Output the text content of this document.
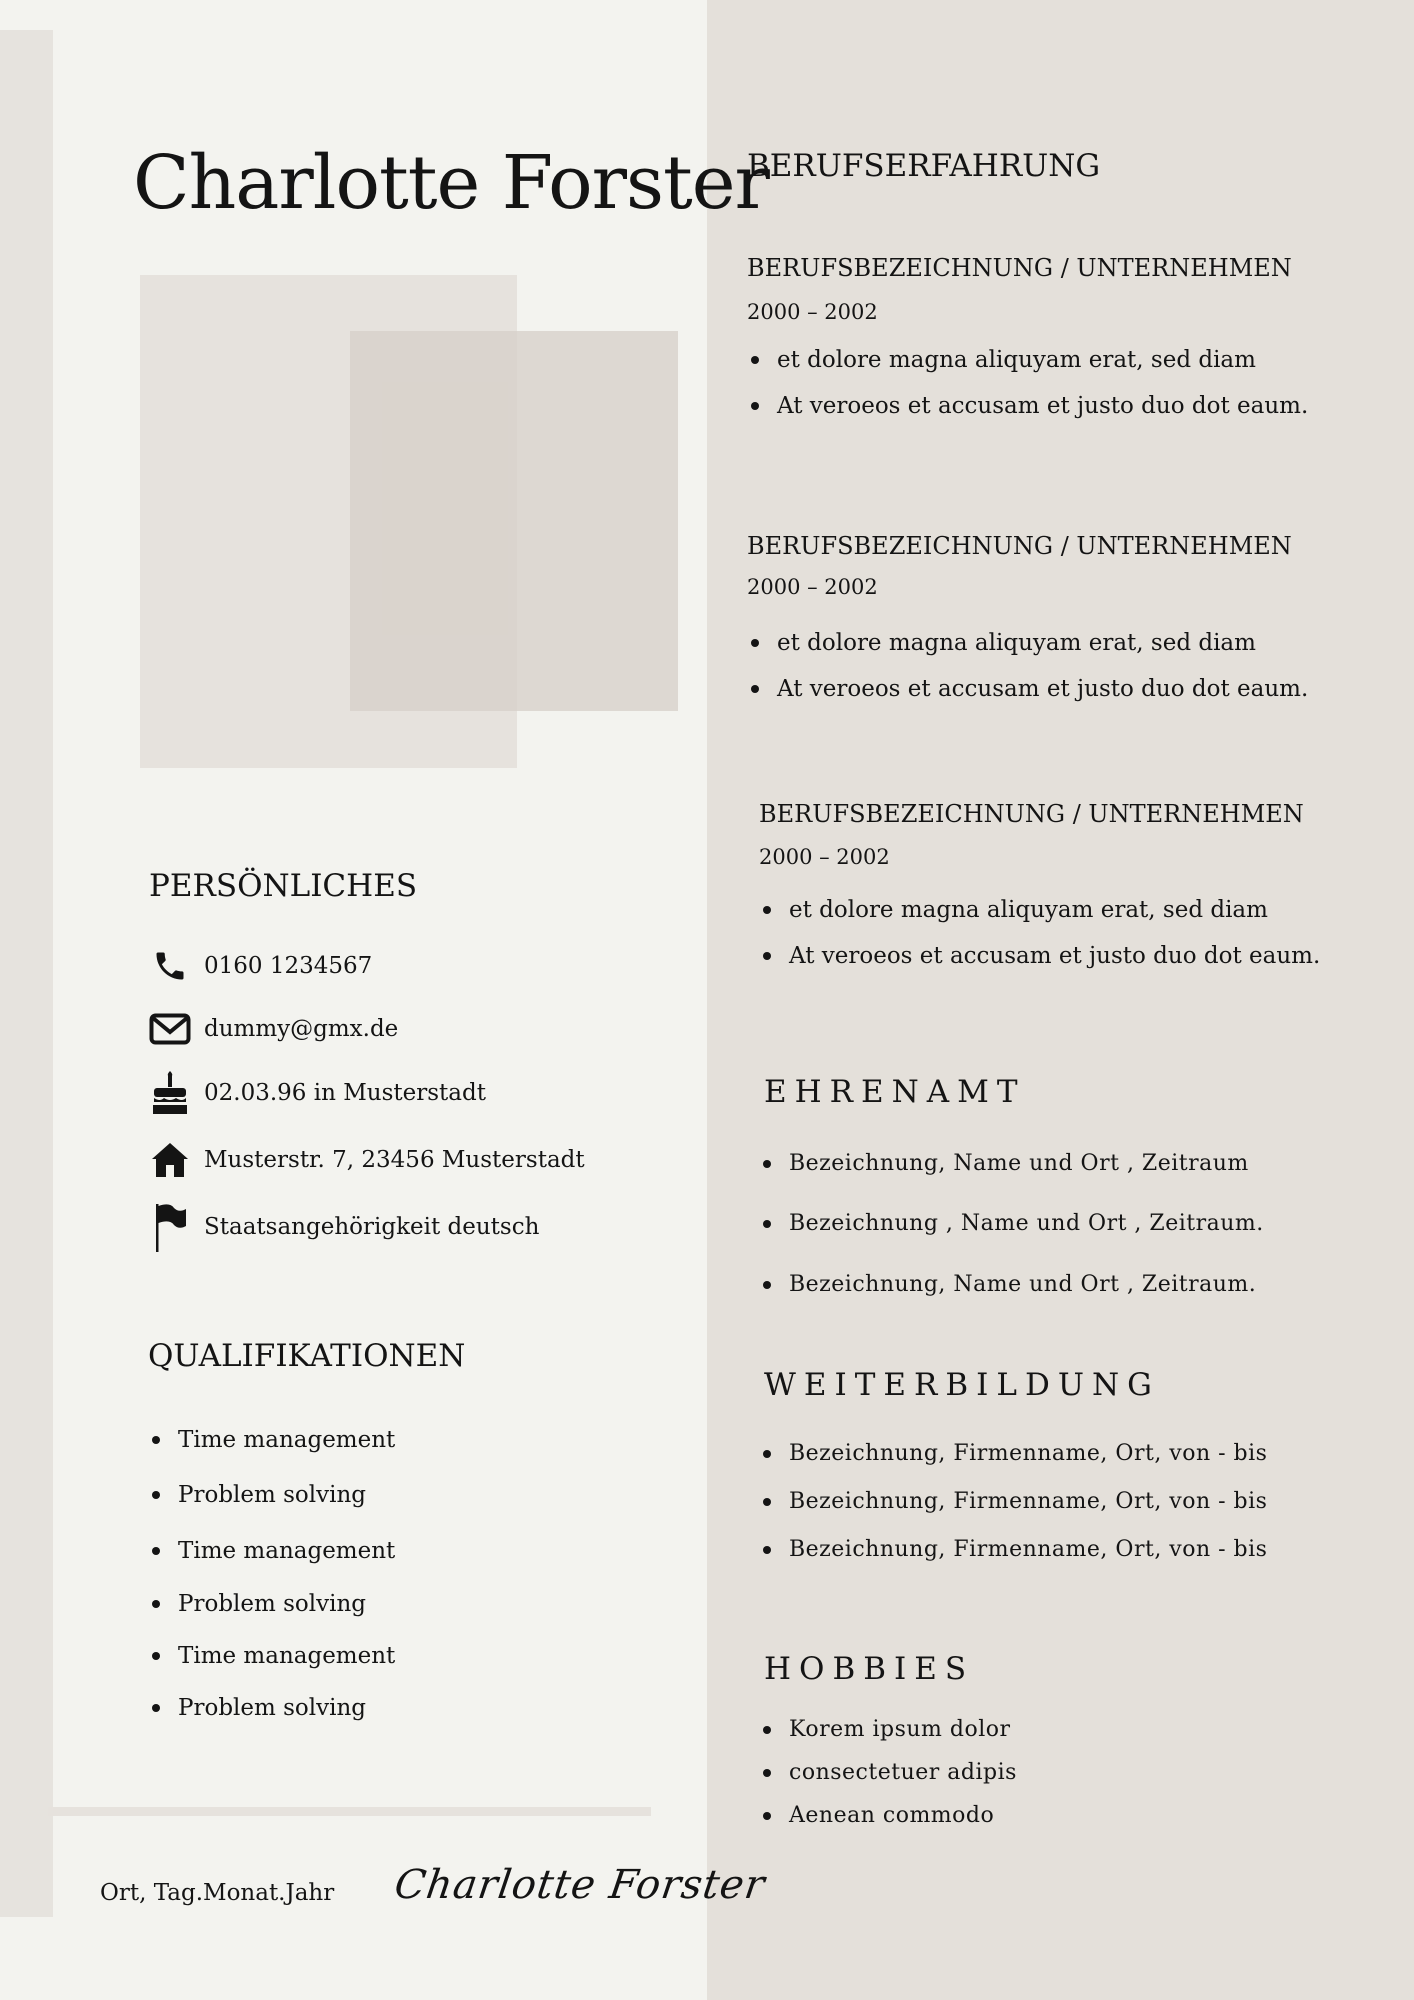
Charlotte Forster
PERSÖNLICHES
0160 1234567
dummy@gmx.de
02.03.96 in Musterstadt
Musterstr. 7, 23456 Musterstadt
Staatsangehörigkeit deutsch
QUALIFIKATIONEN
Time management
Problem solving
Time management
Problem solving
Time management
Problem solving
Ort, Tag.Monat.Jahr Charlotte Forster
BERUFSERFAHRUNG
BERUFSBEZEICHNUNG / UNTERNEHMEN
2000 – 2002
et dolore magna aliquyam erat, sed diam
At veroeos et accusam et justo duo dot eaum.
BERUFSBEZEICHNUNG / UNTERNEHMEN
2000 – 2002
et dolore magna aliquyam erat, sed diam
At veroeos et accusam et justo duo dot eaum.
BERUFSBEZEICHNUNG / UNTERNEHMEN
2000 – 2002
et dolore magna aliquyam erat, sed diam
At veroeos et accusam et justo duo dot eaum.
EHRENAMT
Bezeichnung, Name und Ort , Zeitraum
Bezeichnung , Name und Ort , Zeitraum.
Bezeichnung, Name und Ort , Zeitraum.
WEITERBILDUNG
Bezeichnung, Firmenname, Ort, von - bis
Bezeichnung, Firmenname, Ort, von - bis
Bezeichnung, Firmenname, Ort, von - bis
HOBBIES
Korem ipsum dolor
consectetuer adipis
Aenean commodo
